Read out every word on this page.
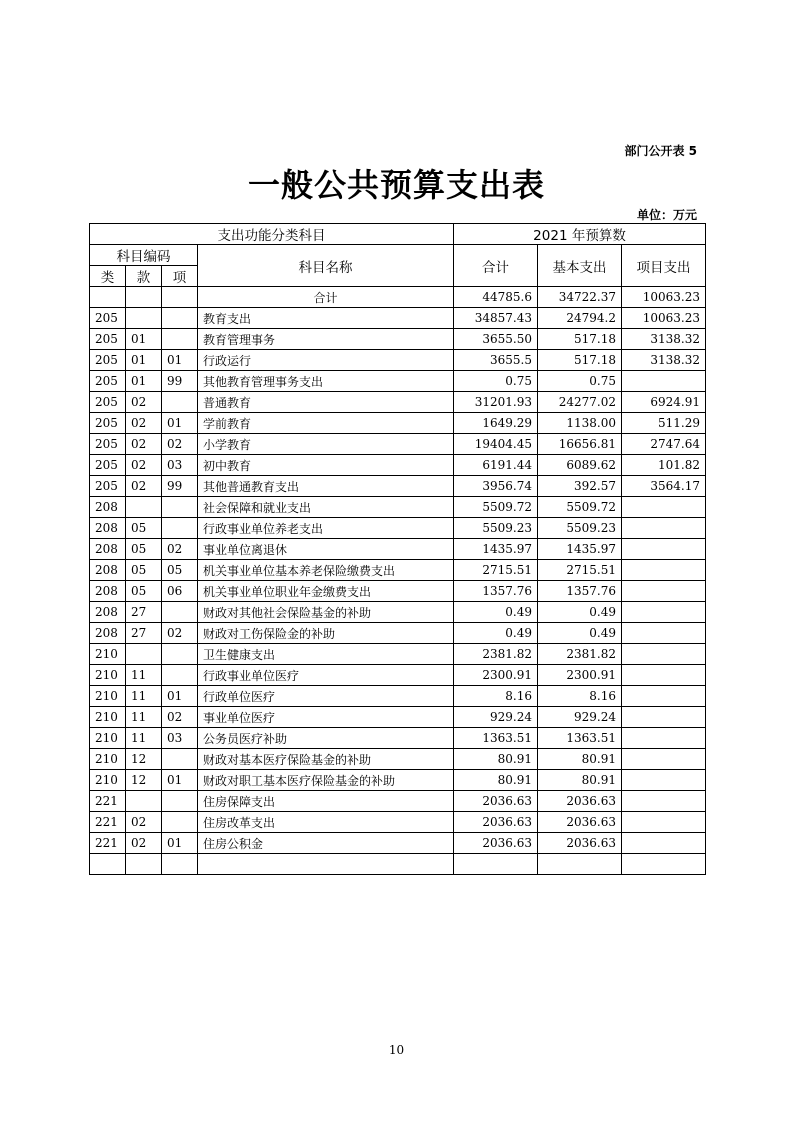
部门公开表 5
一般公共预算支出表
单位：万元
支出功能分类科目				2021 年预算数		
科目编码			科目名称	合计	基本支出	项目支出
类	款	项				
			合计	44785.6	34722.37	10063.23
205			教育支出	34857.43	24794.2	10063.23
205	01		教育管理事务	3655.50	517.18	3138.32
205	01	01	行政运行	3655.5	517.18	3138.32
205	01	99	其他教育管理事务支出	0.75	0.75	
205	02		普通教育	31201.93	24277.02	6924.91
205	02	01	学前教育	1649.29	1138.00	511.29
205	02	02	小学教育	19404.45	16656.81	2747.64
205	02	03	初中教育	6191.44	6089.62	101.82
205	02	99	其他普通教育支出	3956.74	392.57	3564.17
208			社会保障和就业支出	5509.72	5509.72	
208	05		行政事业单位养老支出	5509.23	5509.23	
208	05	02	事业单位离退休	1435.97	1435.97	
208	05	05	机关事业单位基本养老保险缴费支出	2715.51	2715.51	
208	05	06	机关事业单位职业年金缴费支出	1357.76	1357.76	
208	27		财政对其他社会保险基金的补助	0.49	0.49	
208	27	02	财政对工伤保险金的补助	0.49	0.49	
210			卫生健康支出	2381.82	2381.82	
210	11		行政事业单位医疗	2300.91	2300.91	
210	11	01	行政单位医疗	8.16	8.16	
210	11	02	事业单位医疗	929.24	929.24	
210	11	03	公务员医疗补助	1363.51	1363.51	
210	12		财政对基本医疗保险基金的补助	80.91	80.91	
210	12	01	财政对职工基本医疗保险基金的补助	80.91	80.91	
221			住房保障支出	2036.63	2036.63	
221	02		住房改革支出	2036.63	2036.63	
221	02	01	住房公积金	2036.63	2036.63	

10
